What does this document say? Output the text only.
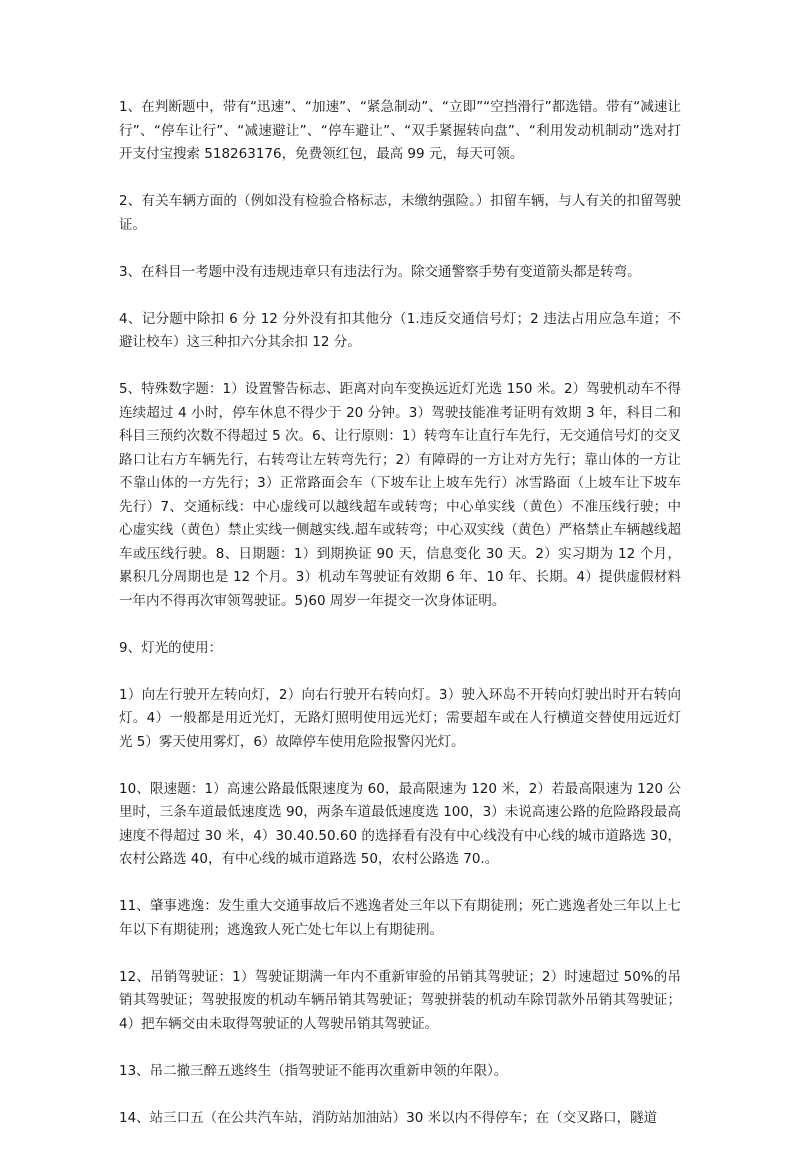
1、在判断题中，带有“迅速”、“加速”、“紧急制动”、“立即”“空挡滑行”都选错。带有“减速让行”、“停车让行”、“减速避让”、“停车避让”、“双手紧握转向盘”、“利用发动机制动”选对打开支付宝搜索 518263176，免费领红包，最高 99 元，每天可领。

2、有关车辆方面的（例如没有检验合格标志，未缴纳强险。）扣留车辆，与人有关的扣留驾驶证。

3、在科目一考题中没有违规违章只有违法行为。除交通警察手势有变道箭头都是转弯。

4、记分题中除扣 6 分 12 分外没有扣其他分（1.违反交通信号灯；2 违法占用应急车道；不避让校车）这三种扣六分其余扣 12 分。

5、特殊数字题：1）设置警告标志、距离对向车变换远近灯光选 150 米。2）驾驶机动车不得连续超过 4 小时，停车休息不得少于 20 分钟。3）驾驶技能准考证明有效期 3 年，科目二和科目三预约次数不得超过 5 次。6、让行原则：1）转弯车让直行车先行，无交通信号灯的交叉路口让右方车辆先行，右转弯让左转弯先行；2）有障碍的一方让对方先行；靠山体的一方让不靠山体的一方先行；3）正常路面会车（下坡车让上坡车先行）冰雪路面（上坡车让下坡车先行）7、交通标线：中心虚线可以越线超车或转弯；中心单实线（黄色）不准压线行驶；中心虚实线（黄色）禁止实线一侧越实线.超车或转弯；中心双实线（黄色）严格禁止车辆越线超车或压线行驶。8、日期题：1）到期换证 90 天，信息变化 30 天。2）实习期为 12 个月，累积几分周期也是 12 个月。3）机动车驾驶证有效期 6 年、10 年、长期。4）提供虚假材料一年内不得再次审领驾驶证。5)60 周岁一年提交一次身体证明。

9、灯光的使用：

1）向左行驶开左转向灯，2）向右行驶开右转向灯。3）驶入环岛不开转向灯驶出时开右转向灯。4）一般都是用近光灯，无路灯照明使用远光灯；需要超车或在人行横道交替使用远近灯光 5）雾天使用雾灯，6）故障停车使用危险报警闪光灯。

10、限速题：1）高速公路最低限速度为 60，最高限速为 120 米，2）若最高限速为 120 公里时，三条车道最低速度选 90，两条车道最低速度选 100，3）未说高速公路的危险路段最高速度不得超过 30 米，4）30.40.50.60 的选择看有没有中心线没有中心线的城市道路选 30，农村公路选 40，有中心线的城市道路选 50，农村公路选 70.。

11、肇事逃逸：发生重大交通事故后不逃逸者处三年以下有期徒刑；死亡逃逸者处三年以上七年以下有期徒刑；逃逸致人死亡处七年以上有期徒刑。

12、吊销驾驶证：1）驾驶证期满一年内不重新审验的吊销其驾驶证；2）时速超过 50%的吊销其驾驶证；驾驶报废的机动车辆吊销其驾驶证；驾驶拼装的机动车除罚款外吊销其驾驶证；4）把车辆交由未取得驾驶证的人驾驶吊销其驾驶证。

13、吊二撤三醉五逃终生（指驾驶证不能再次重新申领的年限）。

14、站三口五（在公共汽车站，消防站加油站）30 米以内不得停车；在（交叉路口，隧道
